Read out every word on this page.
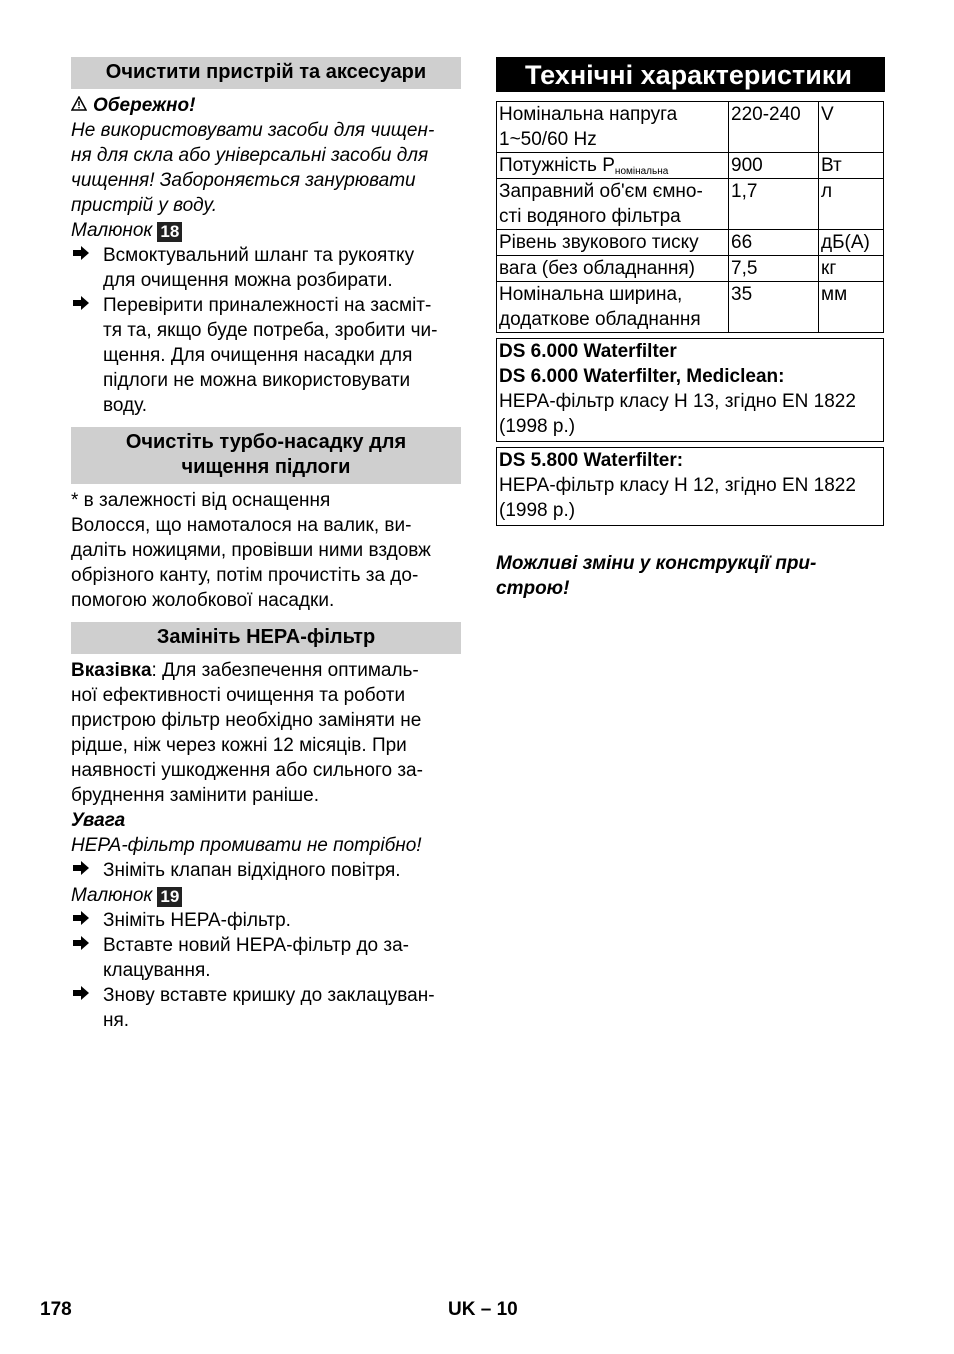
Очистити пристрій та аксесуари

Обережно!

Не використовувати засоби для чищен-

ня для скла або універсальні засоби для

чищення! Забороняється занурювати

пристрій у воду.

Малюнок 18

Всмоктувальний шланг та рукоятку

для очищення можна розбирати.

Перевірити приналежності на засміт-

тя та, якщо буде потреба, зробити чи-

щення. Для очищення насадки для

підлоги не можна використовувати

воду.

Очистіть турбо-насадку для
чищення підлоги

* в залежності від оснащення

Волосся, що намоталося на валик, ви-

даліть ножицями, провівши ними вздовж

обрізного канту, потім прочистіть за до-

помогою жолобкової насадки.

Замініть HEPA-фільтр

Вказівка: Для забезпечення оптималь-

ної ефективності очищення та роботи

пристрою фільтр необхідно заміняти не

рідше, ніж через кожні 12 місяців. При

наявності ушкодження або сильного за-

бруднення замінити раніше.

Увага

HEPA-фільтр промивати не потрібно!

Зніміть клапан відхідного повітря.

Малюнок 19

Зніміть HEPA-фільтр.

Вставте новий HEPA-фільтр до за-

клацування.

Знову вставте кришку до заклацуван-

ня.

Технічні характеристики
Номінальна напруга
1~50/60 Hz	220-240	V
Потужність $P_{номінальна}$	900	Вт

Заправний об'єм ємно-
сті водяного фільтра	1,7	л

Рівень звукового тиску	66	дБ(A)

вага (без обладнання)	7,5	кг

Номінальна ширина,
додаткове обладнання	35	мм

DS 6.000 Waterfilter

DS 6.000 Waterfilter, Mediclean:

HEPA-фільтр класу H 13, згідно EN 1822

(1998 р.)

DS 5.800 Waterfilter:

HEPA-фільтр класу H 12, згідно EN 1822

(1998 р.)

Можливі зміни у конструкції при-
строю!
178	UK – 10
